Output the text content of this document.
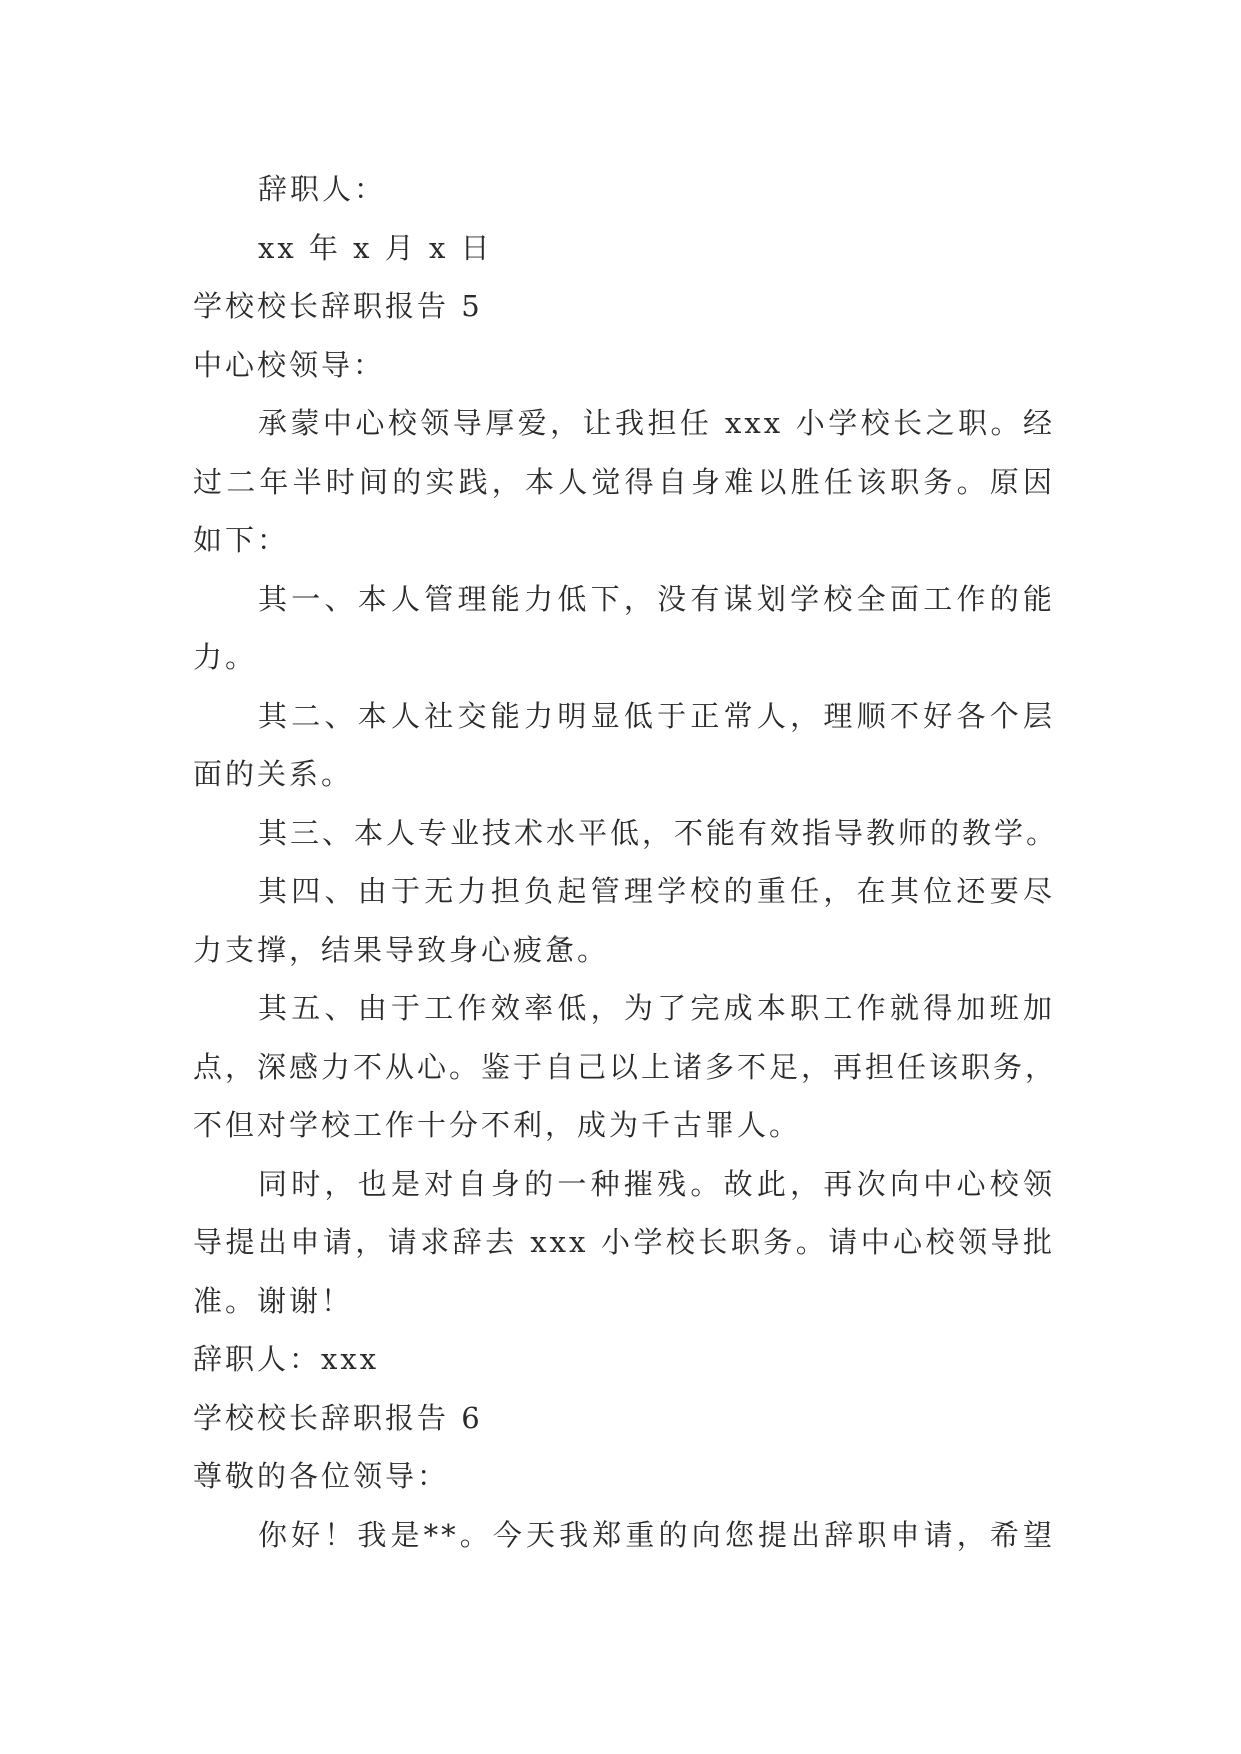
辞职人：
xx 年 x 月 x 日
学校校长辞职报告 5
中心校领导：
承蒙中心校领导厚爱，让我担任 xxx 小学校长之职。经
过二年半时间的实践，本人觉得自身难以胜任该职务。原因
如下：
其一、本人管理能力低下，没有谋划学校全面工作的能
力。
其二、本人社交能力明显低于正常人，理顺不好各个层
面的关系。
其三、本人专业技术水平低，不能有效指导教师的教学。
其四、由于无力担负起管理学校的重任，在其位还要尽
力支撑，结果导致身心疲惫。
其五、由于工作效率低，为了完成本职工作就得加班加
点，深感力不从心。鉴于自己以上诸多不足，再担任该职务，
不但对学校工作十分不利，成为千古罪人。
同时，也是对自身的一种摧残。故此，再次向中心校领
导提出申请，请求辞去 xxx 小学校长职务。请中心校领导批
准。谢谢！
辞职人：xxx
学校校长辞职报告 6
尊敬的各位领导：
你好！我是**。今天我郑重的向您提出辞职申请，希望
